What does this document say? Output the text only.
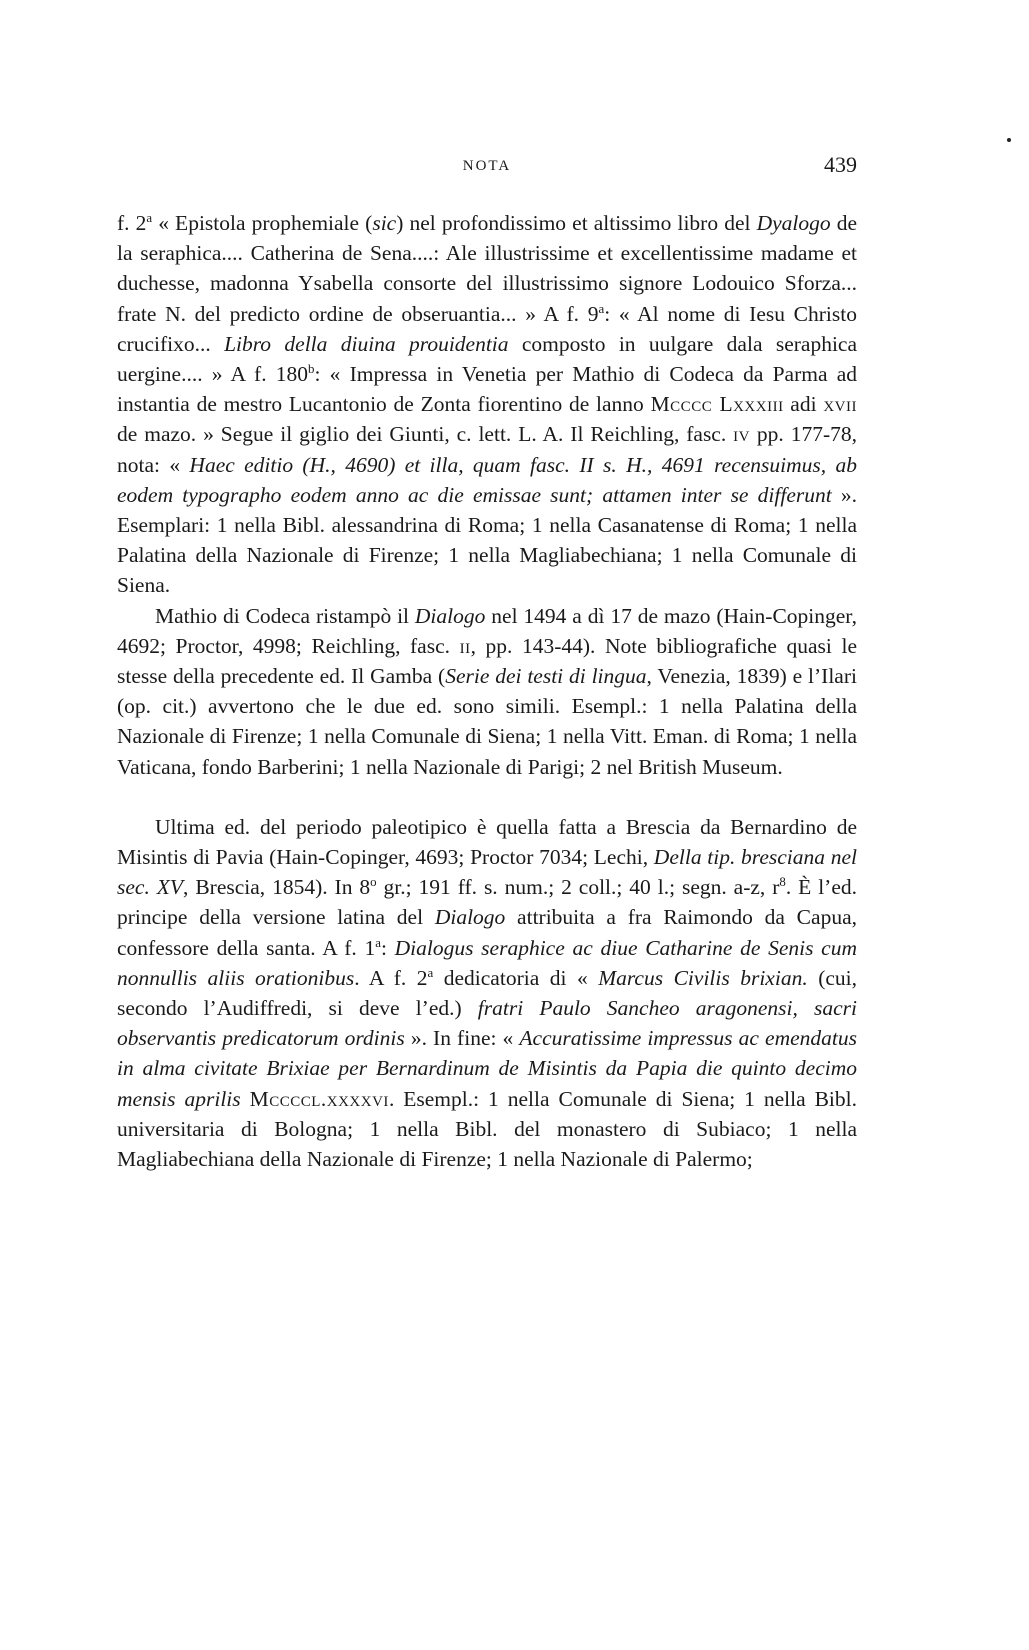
NOTA	439

f. 2$^a$ « Epistola prophemiale (sic) nel profondissimo et altissimo libro del Dyalogo de la seraphica.... Catherina de Sena....: Ale illustrissime et excellentissime madame et duchesse, madonna Ysabella consorte del illustrissimo signore Lodouico Sforza... frate N. del predicto ordine de obseruantia... » A f. 9$^a$: « Al nome di Iesu Christo crucifixo... Libro della diuina prouidentia composto in uulgare dala seraphica uergine.... » A f. 180$^b$: « Impressa in Venetia per Mathio di Codeca da Parma ad instantia de mestro Lucantonio de Zonta fiorentino de lanno Mcccc Lxxxiii adi xvii de mazo. » Segue il giglio dei Giunti, c. lett. L. A. Il Reichling, fasc. iv pp. 177-78, nota: « Haec editio (H., 4690) et illa, quam fasc. II s. H., 4691 recensuimus, ab eodem typographo eodem anno ac die emissae sunt; attamen inter se differunt ». Esemplari: 1 nella Bibl. alessandrina di Roma; 1 nella Casanatense di Roma; 1 nella Palatina della Nazionale di Firenze; 1 nella Magliabechiana; 1 nella Comunale di Siena.

Mathio di Codeca ristampò il Dialogo nel 1494 a dì 17 de mazo (Hain-Copinger, 4692; Proctor, 4998; Reichling, fasc. ii, pp. 143-44). Note bibliografiche quasi le stesse della precedente ed. Il Gamba (Serie dei testi di lingua, Venezia, 1839) e l’Ilari (op. cit.) avvertono che le due ed. sono simili. Esempl.: 1 nella Palatina della Nazionale di Firenze; 1 nella Comunale di Siena; 1 nella Vitt. Eman. di Roma; 1 nella Vaticana, fondo Barberini; 1 nella Nazionale di Parigi; 2 nel British Museum.

Ultima ed. del periodo paleotipico è quella fatta a Brescia da Bernardino de Misintis di Pavia (Hain-Copinger, 4693; Proctor 7034; Lechi, Della tip. bresciana nel sec. XV, Brescia, 1854). In 8$^o$ gr.; 191 ff. s. num.; 2 coll.; 40 l.; segn. a-z, $r^8$. È l’ed. principe della versione latina del Dialogo attribuita a fra Raimondo da Capua, confessore della santa. A f. 1$^a$: Dialogus seraphice ac diue Catharine de Senis cum nonnullis aliis orationibus. A f. 2$^a$ dedicatoria di « Marcus Civilis brixian. (cui, secondo l’Audiffredi, si deve l’ed.) fratri Paulo Sancheo aragonensi, sacri observantis predicatorum ordinis ». In fine: « Accuratissime impressus ac emendatus in alma civitate Brixiae per Bernardinum de Misintis da Papia die quinto decimo mensis aprilis Mccccl.xxxxvi. Esempl.: 1 nella Comunale di Siena; 1 nella Bibl. universitaria di Bologna; 1 nella Bibl. del monastero di Subiaco; 1 nella Magliabechiana della Nazionale di Firenze; 1 nella Nazionale di Palermo;
